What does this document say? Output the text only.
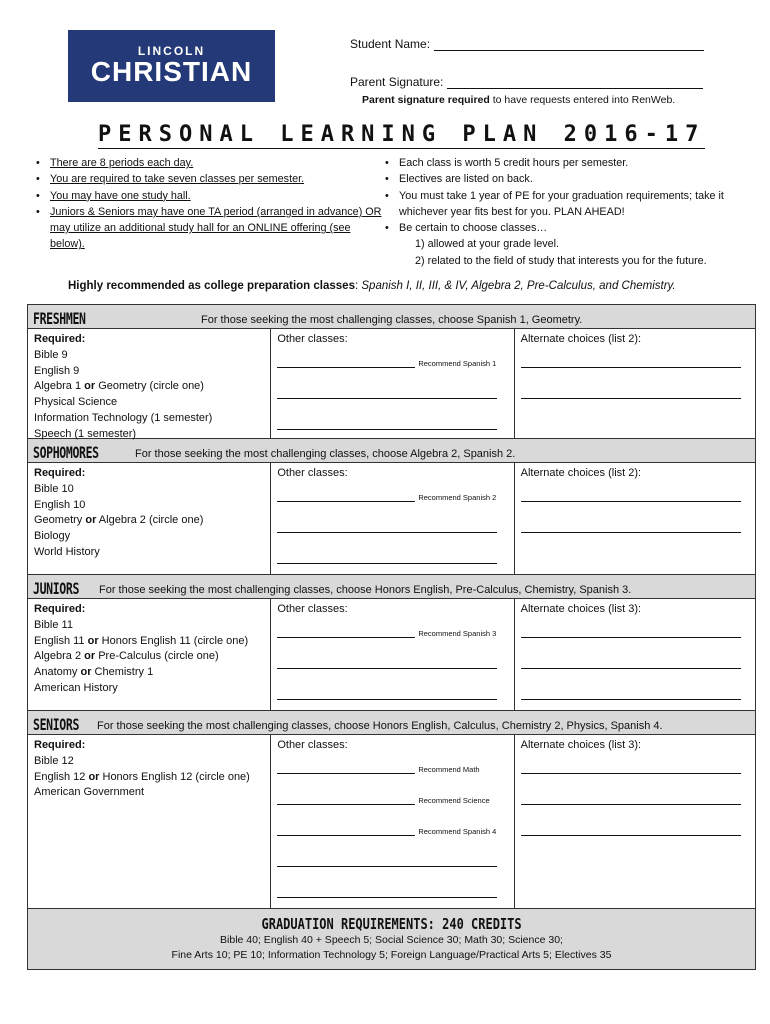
LINCOLN
CHRISTIAN
Student Name:
Parent Signature:
Parent signature required to have requests entered into RenWeb.
PERSONAL LEARNING PLAN 2016-17
• There are 8 periods each day.
• You are required to take seven classes per semester.
• You may have one study hall.
• Juniors & Seniors may have one TA period (arranged in advance) OR may utilize an additional study hall for an ONLINE offering (see below).
• Each class is worth 5 credit hours per semester.
• Electives are listed on back.
• You must take 1 year of PE for your graduation requirements; take it whichever year fits best for you. PLAN AHEAD!
• Be certain to choose classes…
1) allowed at your grade level.
2) related to the field of study that interests you for the future.
Highly recommended as college preparation classes: Spanish I, II, III, & IV, Algebra 2, Pre-Calculus, and Chemistry.
FRESHMEN	For those seeking the most challenging classes, choose Spanish 1, Geometry.
Required:
Bible 9
English 9
Algebra 1 or Geometry (circle one)
Physical Science
Information Technology (1 semester)
Speech (1 semester)
Other classes:
Recommend Spanish 1
Alternate choices (list 2):
SOPHOMORES	For those seeking the most challenging classes, choose Algebra 2, Spanish 2.
Required:
Bible 10
English 10
Geometry or Algebra 2 (circle one)
Biology
World History
Other classes:
Recommend Spanish 2
Alternate choices (list 2):
JUNIORS For those seeking the most challenging classes, choose Honors English, Pre-Calculus, Chemistry, Spanish 3.
Required:
Bible 11
English 11 or Honors English 11 (circle one)
Algebra 2 or Pre-Calculus (circle one)
Anatomy or Chemistry 1
American History
Other classes:
Recommend Spanish 3
Alternate choices (list 3):
SENIORS For those seeking the most challenging classes, choose Honors English, Calculus, Chemistry 2, Physics, Spanish 4.
Required:
Bible 12
English 12 or Honors English 12 (circle one)
American Government
Other classes:
Recommend Math
Recommend Science
Recommend Spanish 4
Alternate choices (list 3):
GRADUATION REQUIREMENTS: 240 CREDITS
Bible 40; English 40 + Speech 5; Social Science 30; Math 30; Science 30;
Fine Arts 10; PE 10; Information Technology 5; Foreign Language/Practical Arts 5; Electives 35
